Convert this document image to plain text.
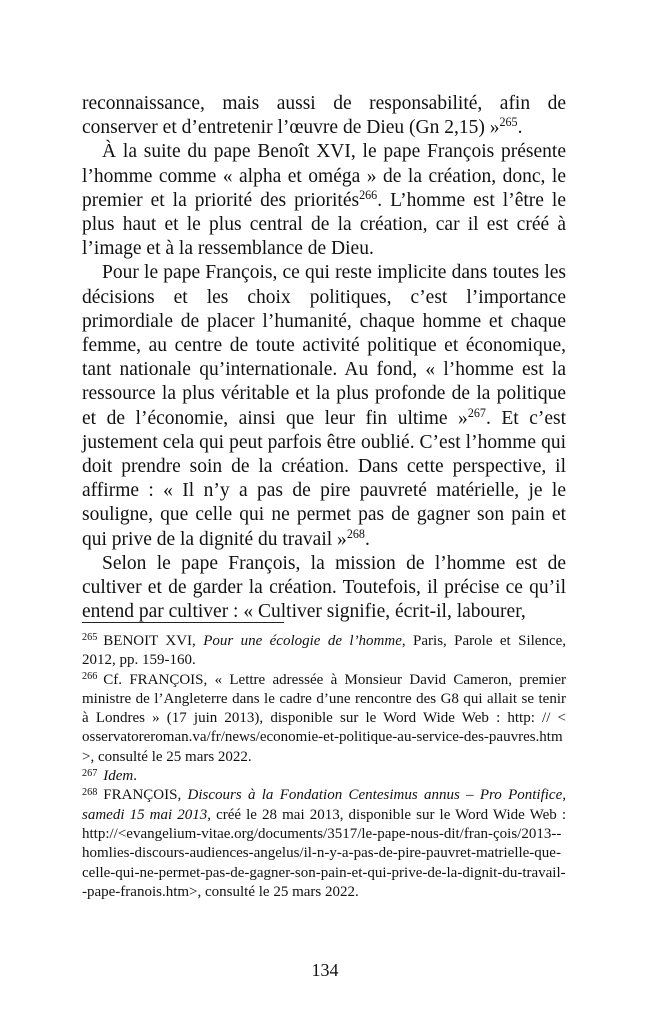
reconnaissance, mais aussi de responsabilité, afin de conserver et d’entretenir l’œuvre de Dieu (Gn 2,15) »$^{265}$.

À la suite du pape Benoît XVI, le pape François présente l’homme comme « alpha et oméga » de la création, donc, le premier et la priorité des priorités$^{266}$. L’homme est l’être le plus haut et le plus central de la création, car il est créé à l’image et à la ressemblance de Dieu.

Pour le pape François, ce qui reste implicite dans toutes les décisions et les choix politiques, c’est l’importance primordiale de placer l’humanité, chaque homme et chaque femme, au centre de toute activité politique et économique, tant nationale qu’internationale. Au fond, « l’homme est la ressource la plus véritable et la plus profonde de la politique et de l’économie, ainsi que leur fin ultime »$^{267}$. Et c’est justement cela qui peut parfois être oublié. C’est l’homme qui doit prendre soin de la création. Dans cette perspective, il affirme : « Il n’y a pas de pire pauvreté matérielle, je le souligne, que celle qui ne permet pas de gagner son pain et qui prive de la dignité du travail »$^{268}$.

Selon le pape François, la mission de l’homme est de cultiver et de garder la création. Toutefois, il précise ce qu’il entend par cultiver : « Cultiver signifie, écrit-il, labourer,

$^{265}$ BENOIT XVI, Pour une écologie de l’homme, Paris, Parole et Silence, 2012, pp. 159-160.

$^{266}$ Cf. FRANÇOIS, « Lettre adressée à Monsieur David Cameron, premier ministre de l’Angleterre dans le cadre d’une rencontre des G8 qui allait se tenir à Londres » (17 juin 2013), disponible sur le Word Wide Web : http: // < osservatoreroman.va/fr/news/economie-et-politique-au-service-des-pauvres.htm >, consulté le 25 mars 2022.

$^{267}$ Idem.

$^{268}$ FRANÇOIS, Discours à la Fondation Centesimus annus – Pro Pontifice, samedi 15 mai 2013, créé le 28 mai 2013, disponible sur le Word Wide Web : http://<evangelium-vitae.org/documents/3517/le-pape-nous-dit/fran-çois/2013--homlies-discours-audiences-angelus/il-n-y-a-pas-de-pire-pauvret-matrielle-que-celle-qui-ne-permet-pas-de-gagner-son-pain-et-qui-prive-de-la-dignit-du-travail--pape-franois.htm>, consulté le 25 mars 2022.

134
